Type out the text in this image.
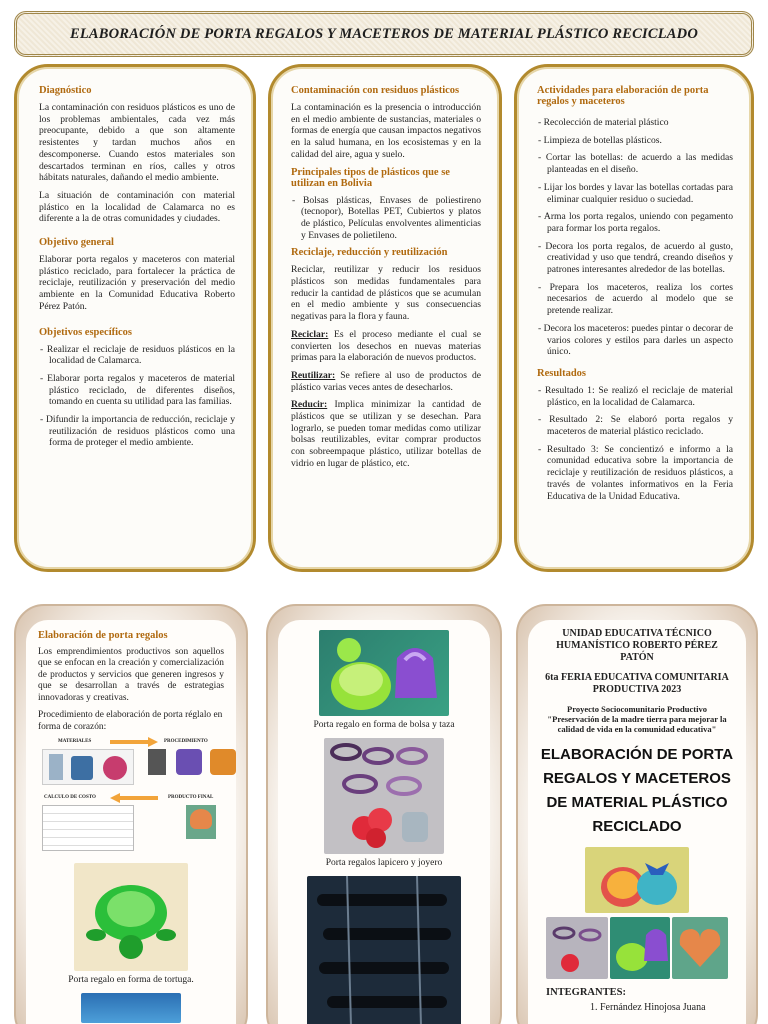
ELABORACIÓN DE PORTA REGALOS Y MACETEROS DE MATERIAL PLÁSTICO RECICLADO
Diagnóstico

La contaminación con residuos plásticos es uno de los problemas ambientales, cada vez más preocupante, debido a que son altamente resistentes y tardan muchos años en descomponerse. Cuando estos materiales son descartados terminan en ríos, calles y otros hábitats naturales, dañando el medio ambiente.

La situación de contaminación con material plástico en la localidad de Calamarca no es diferente a la de otras comunidades y ciudades.

Objetivo general

Elaborar porta regalos y maceteros con material plástico reciclado, para fortalecer la práctica de reciclaje, reutilización y preservación del medio ambiente en la Comunidad Educativa Roberto Pérez Patón.

Objetivos específicos
- Realizar el reciclaje de residuos plásticos en la localidad de Calamarca.
- Elaborar porta regalos y maceteros de material plástico reciclado, de diferentes diseños, tomando en cuenta su utilidad para las familias.
- Difundir la importancia de reducción, reciclaje y reutilización de residuos plásticos como una forma de proteger el medio ambiente.
Contaminación con residuos plásticos

La contaminación es la presencia o introducción en el medio ambiente de sustancias, materiales o formas de energía que causan impactos negativos en la salud humana, en los ecosistemas y en la calidad del aire, agua y suelo.

Principales tipos de plásticos que se utilizan en Bolivia
- Bolsas plásticas, Envases de poliestireno (tecnopor), Botellas PET, Cubiertos y platos de plástico, Películas envolventes alimenticias y Envases de polietileno.
Reciclaje, reducción y reutilización

Reciclar, reutilizar y reducir los residuos plásticos son medidas fundamentales para reducir la cantidad de plásticos que se acumulan en el medio ambiente y sus consecuencias negativas para la flora y fauna.

Reciclar: Es el proceso mediante el cual se convierten los desechos en nuevas materias primas para la elaboración de nuevos productos.

Reutilizar: Se refiere al uso de productos de plástico varias veces antes de desecharlos.

Reducir: Implica minimizar la cantidad de plásticos que se utilizan y se desechan. Para lograrlo, se pueden tomar medidas como utilizar bolsas reutilizables, evitar comprar productos con sobreempaque plástico, utilizar botellas de vidrio en lugar de plástico, etc.

Actividades para elaboración de porta regalos y maceteros
- Recolección de material plástico
- Limpieza de botellas plásticos.
- Cortar las botellas: de acuerdo a las medidas planteadas en el diseño.
- Lijar los bordes y lavar las botellas cortadas para eliminar cualquier residuo o suciedad.
- Arma los porta regalos, uniendo con pegamento para formar los porta regalos.
- Decora los porta regalos, de acuerdo al gusto, creatividad y uso que tendrá, creando diseños y patrones interesantes alrededor de las botellas.
- Prepara los maceteros, realiza los cortes necesarios de acuerdo al modelo que se pretende realizar.
- Decora los maceteros: puedes pintar o decorar de varios colores y estilos para darles un aspecto único.
Resultados
- Resultado 1: Se realizó el reciclaje de material plástico, en la localidad de Calamarca.
- Resultado 2: Se elaboró porta regalos y maceteros de material plástico reciclado.
- Resultado 3: Se concientizó e informo a la comunidad educativa sobre la importancia de reciclaje y reutilización de residuos plásticos, a través de volantes informativos en la Feria Educativa de la Unidad Educativa.
Elaboración de porta regalos

Los emprendimientos productivos son aquellos que se enfocan en la creación y comercialización de productos y servicios que generen ingresos y que se desarrollan a través de estrategias innovadoras y creativas.

Procedimiento de elaboración de porta réglalo en forma de corazón:

MATERIALES	PROCEDIMIENTO
CALCULO DE COSTO	PRODUCTO FINAL
Porta regalo en forma de tortuga.
Porta regalo en forma de bolsa y taza
Porta regalos lapicero y joyero
UNIDAD EDUCATIVA TÉCNICO HUMANÍSTICO ROBERTO PÉREZ PATÓN
6ta FERIA EDUCATIVA COMUNITARIA PRODUCTIVA 2023
Proyecto Sociocomunitario Productivo
"Preservación de la madre tierra para mejorar la calidad de vida en la comunidad educativa"
ELABORACIÓN DE PORTA REGALOS Y MACETEROS DE MATERIAL PLÁSTICO RECICLADO
INTEGRANTES:
1. Fernández Hinojosa Juana
